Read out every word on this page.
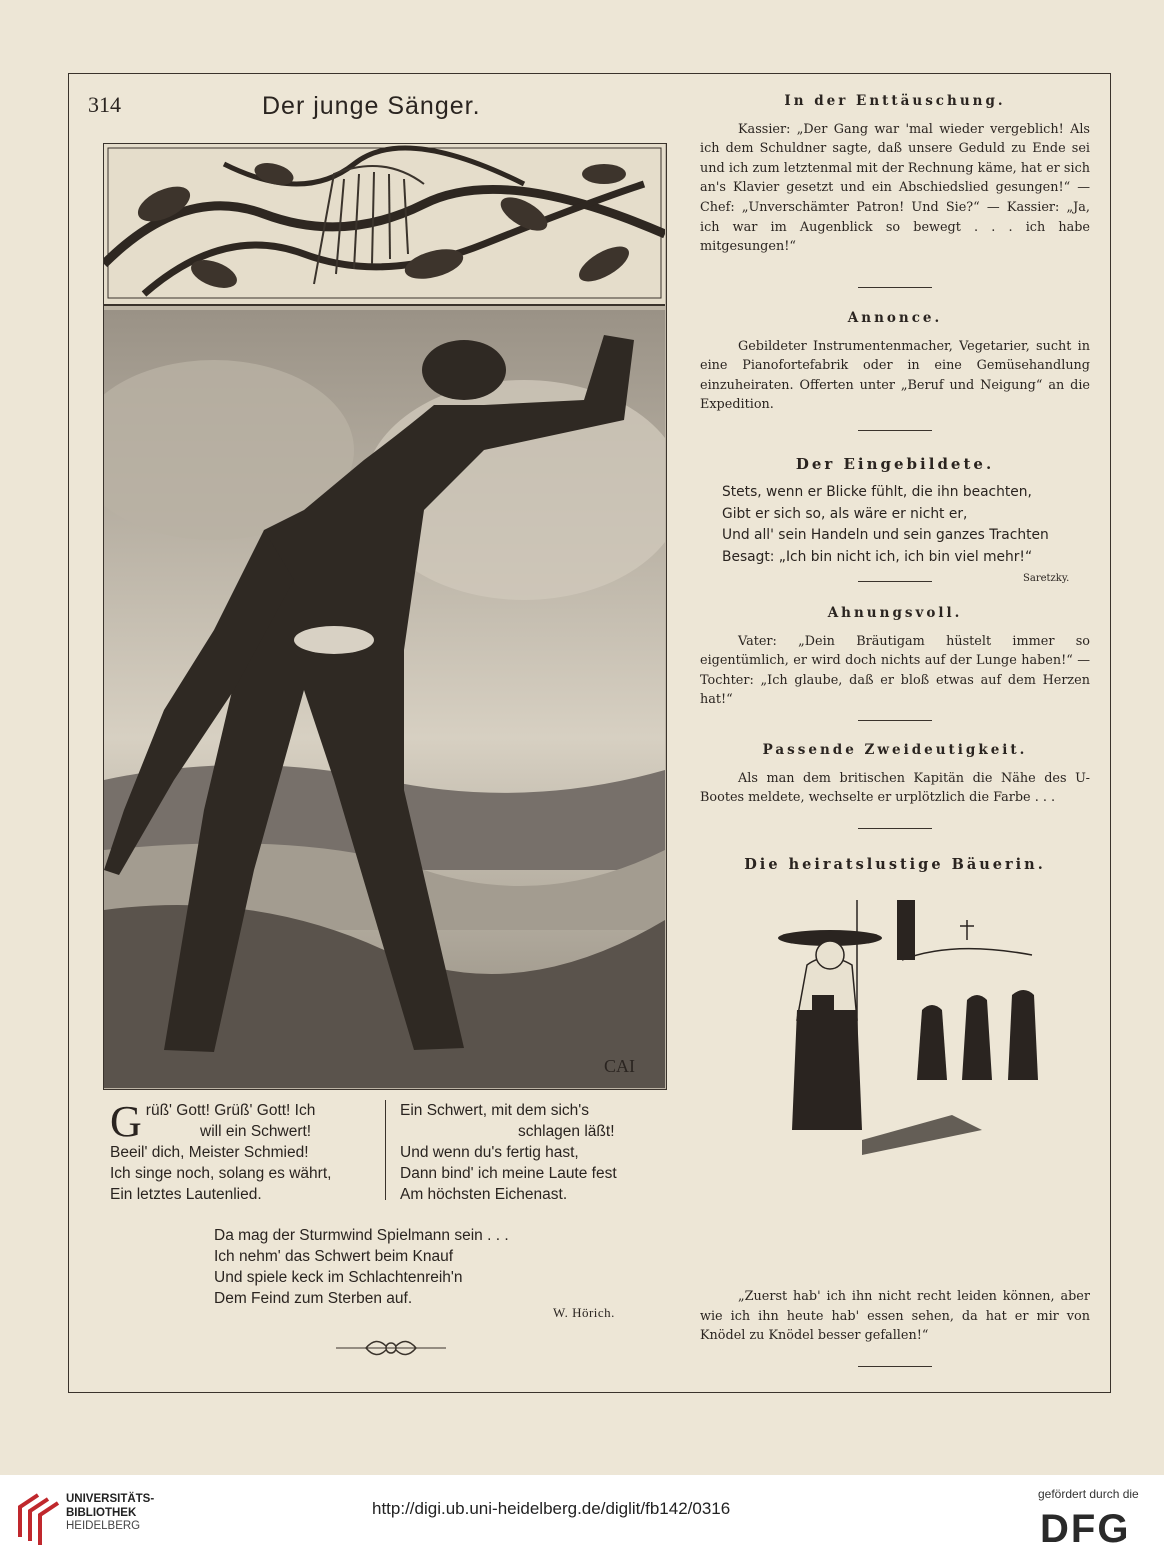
314	Der junge Sänger.
CAI
G rüß' Gott! Grüß' Gott! Ich
will ein Schwert!
Beeil' dich, Meister Schmied!
Ich singe noch, solang es währt,
Ein letztes Lautenlied.
Ein Schwert, mit dem sich's
schlagen läßt!
Und wenn du's fertig hast,
Dann bind' ich meine Laute fest
Am höchsten Eichenast.
Da mag der Sturmwind Spielmann sein . . .
Ich nehm' das Schwert beim Knauf
Und spiele keck im Schlachtenreih'n
Dem Feind zum Sterben auf.
W. Hörich.
In der Enttäuschung.
Kassier: „Der Gang war 'mal wieder vergeblich! Als ich dem Schuldner sagte, daß unsere Geduld zu Ende sei und ich zum letztenmal mit der Rechnung käme, hat er sich an's Klavier gesetzt und ein Abschiedslied gesungen!“ — Chef: „Unverschämter Patron! Und Sie?“ — Kassier: „Ja, ich war im Augenblick so bewegt . . . ich habe mitgesungen!“
Annonce.
Gebildeter Instrumentenmacher, Vegetarier, sucht in eine Pianofortefabrik oder in eine Gemüsehandlung einzuheiraten. Offerten unter „Beruf und Neigung“ an die Expedition.
Der Eingebildete.
Stets, wenn er Blicke fühlt, die ihn beachten,
Gibt er sich so, als wäre er nicht er,
Und all' sein Handeln und sein ganzes Trachten
Besagt: „Ich bin nicht ich, ich bin viel mehr!“
Saretzky.
Ahnungsvoll.
Vater: „Dein Bräutigam hüstelt immer so eigentümlich, er wird doch nichts auf der Lunge haben!“ — Tochter: „Ich glaube, daß er bloß etwas auf dem Herzen hat!“
Passende Zweideutigkeit.
Als man dem britischen Kapitän die Nähe des U-Bootes meldete, wechselte er urplötzlich die Farbe . . .
Die heiratslustige Bäuerin.
„Zuerst hab' ich ihn nicht recht leiden können, aber wie ich ihn heute hab' essen sehen, da hat er mir von Knödel zu Knödel besser gefallen!“
UNIVERSITÄTS-
BIBLIOTHEK
HEIDELBERG
http://digi.ub.uni-heidelberg.de/diglit/fb142/0316
gefördert durch die
DFG
